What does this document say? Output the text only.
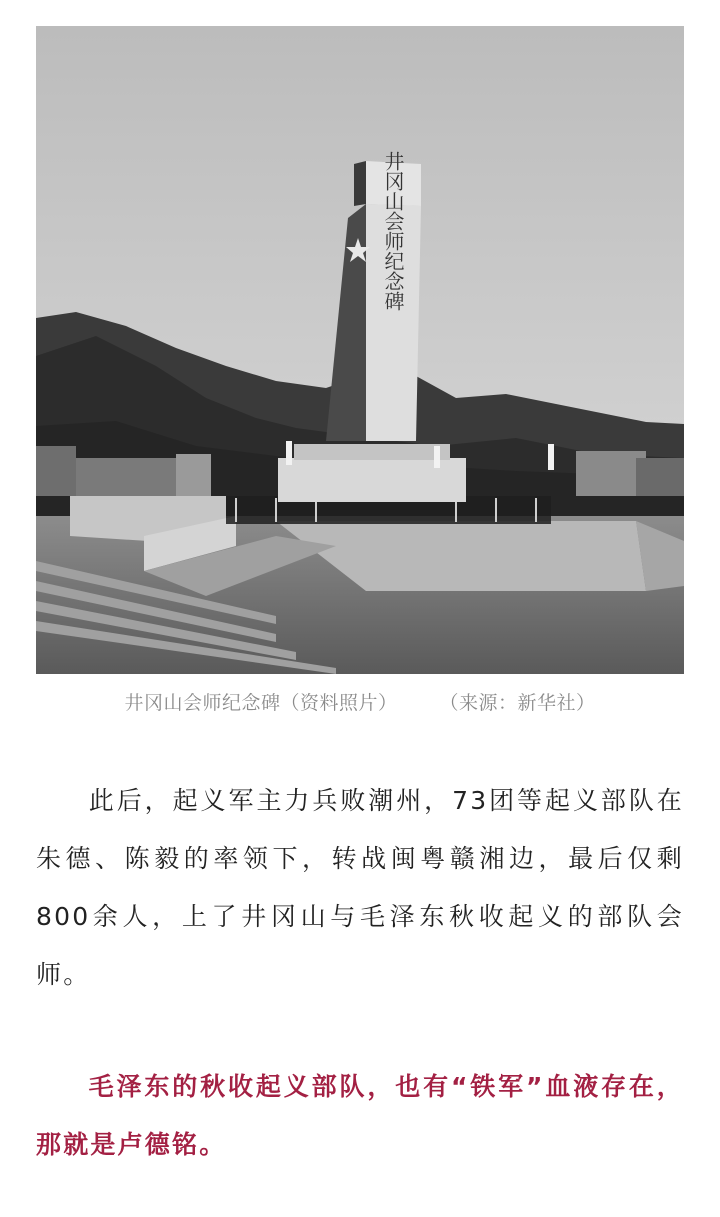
井冈山会师纪念碑
井冈山会师纪念碑（资料照片） （来源：新华社）

此后，起义军主力兵败潮州，73团等起义部队在朱德、陈毅的率领下，转战闽粤赣湘边，最后仅剩800余人，上了井冈山与毛泽东秋收起义的部队会师。

毛泽东的秋收起义部队，也有“铁军”血液存在，那就是卢德铭。
